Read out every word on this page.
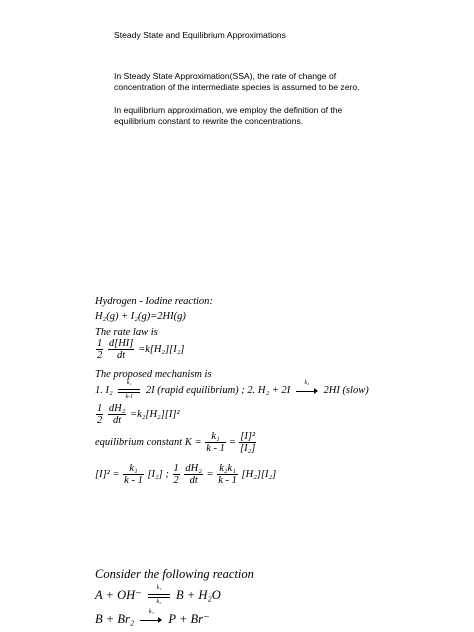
Steady State and Equilibrium Approximations
In Steady State Approximation(SSA), the rate of change of concentration of the intermediate species is assumed to be zero.
In equilibrium approximation, we employ the definition of the equilibrium constant to rewrite the concentrations.
Hydrogen - Iodine reaction:
H₂(g) + I₂(g)=2HI(g)
The rate law is
$\frac{1}{2}$
$\frac{d[HI]}{dt} =k[H_2][I_2]$
The proposed mechanism is
1. I₂
k₁
k-1
2I (rapid equilibrium) ; 2. H₂ + 2I
k₂
2HI (slow)
$\frac{1}{2}$
$\frac{\text{dH₂}}{dt} =k_2[H_2][I]^2$
equilibrium constant $K = \frac{\text{k₁}}{k - 1} = \frac{\text{[I]²}}{\text{[I₂]}}$
$[I]^2 = \frac{\text{k₁}}{k - 1} [I_2]$ ; $\frac{1}{2}$
$\frac{\text{dH₂}}{dt} = \frac{\text{k₂k₁}}{k - 1} [H_2][I_2]$
Consider the following reaction
A + OH⁻	k₁
k₂
B + H₂O
B + Br₂	k₃	P + Br⁻
